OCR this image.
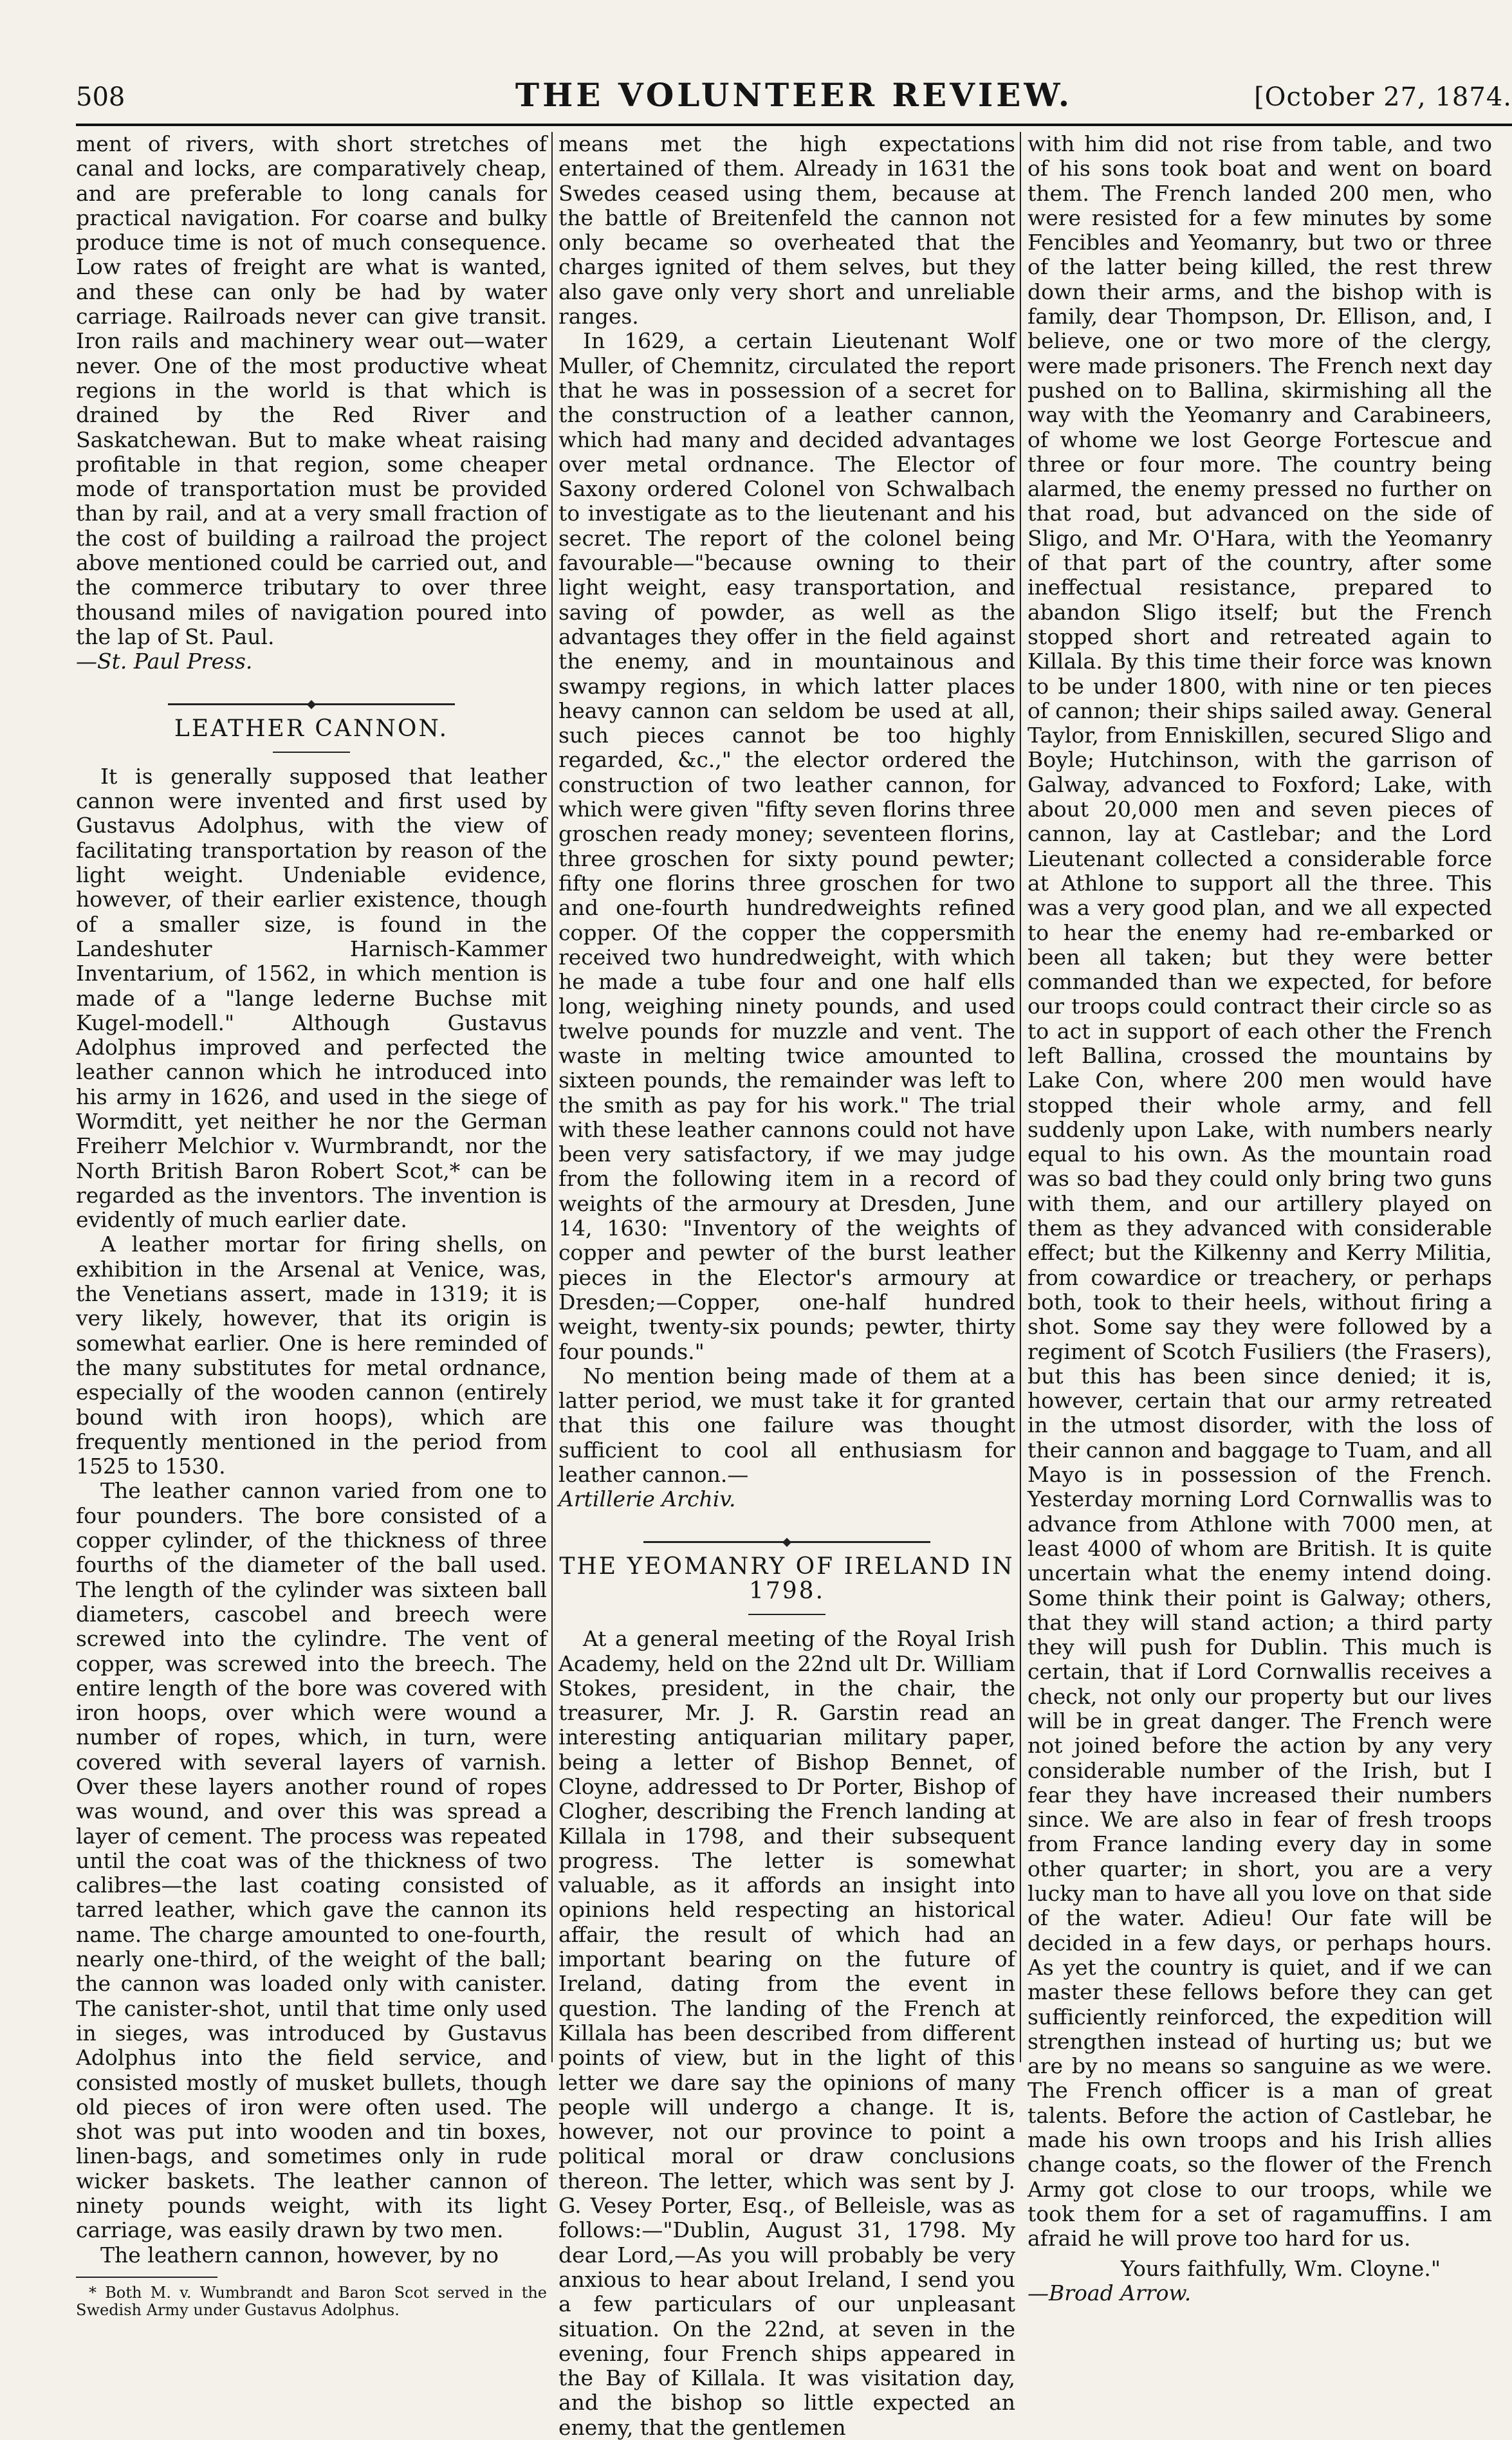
508	THE VOLUNTEER REVIEW.	[October 27, 1874.

ment of rivers, with short stretches of canal and locks, are comparatively cheap, and are preferable to long canals for practical navigation. For coarse and bulky produce time is not of much consequence. Low rates of freight are what is wanted, and these can only be had by water carriage. Railroads never can give transit. Iron rails and machinery wear out—water never. One of the most productive wheat regions in the world is that which is drained by the Red River and Saskatchewan. But to make wheat raising profitable in that region, some cheaper mode of transportation must be provided than by rail, and at a very small fraction of the cost of building a railroad the project above mentioned could be carried out, and the commerce tributary to over three thousand miles of navigation poured into the lap of St. Paul.

—St. Paul Press.

LEATHER CANNON.

It is generally supposed that leather cannon were invented and first used by Gustavus Adolphus, with the view of facilitating transportation by reason of the light weight. Undeniable evidence, however, of their earlier existence, though of a smaller size, is found in the Landeshuter Harnisch-Kammer Inventarium, of 1562, in which mention is made of a "lange lederne Buchse mit Kugel-modell." Although Gustavus Adolphus improved and perfected the leather cannon which he introduced into his army in 1626, and used in the siege of Wormditt, yet neither he nor the German Freiherr Melchior v. Wurmbrandt, nor the North British Baron Robert Scot,* can be regarded as the inventors. The invention is evidently of much earlier date.

A leather mortar for firing shells, on exhibition in the Arsenal at Venice, was, the Venetians assert, made in 1319; it is very likely, however, that its origin is somewhat earlier. One is here reminded of the many substitutes for metal ordnance, especially of the wooden cannon (entirely bound with iron hoops), which are frequently mentioned in the period from 1525 to 1530.

The leather cannon varied from one to four pounders. The bore consisted of a copper cylinder, of the thickness of three fourths of the diameter of the ball used. The length of the cylinder was sixteen ball diameters, cascobel and breech were screwed into the cylindre. The vent of copper, was screwed into the breech. The entire length of the bore was covered with iron hoops, over which were wound a number of ropes, which, in turn, were covered with several layers of varnish. Over these layers another round of ropes was wound, and over this was spread a layer of cement. The process was repeated until the coat was of the thickness of two calibres—the last coating consisted of tarred leather, which gave the cannon its name. The charge amounted to one-fourth, nearly one-third, of the weight of the ball; the cannon was loaded only with canister. The canister-shot, until that time only used in sieges, was introduced by Gustavus Adolphus into the field service, and consisted mostly of musket bullets, though old pieces of iron were often used. The shot was put into wooden and tin boxes, linen-bags, and sometimes only in rude wicker baskets. The leather cannon of ninety pounds weight, with its light carriage, was easily drawn by two men.

The leathern cannon, however, by no

* Both M. v. Wumbrandt and Baron Scot served in the Swedish Army under Gustavus Adolphus.

means met the high expectations entertained of them. Already in 1631 the Swedes ceased using them, because at the battle of Breitenfeld the cannon not only became so overheated that the charges ignited of them selves, but they also gave only very short and unreliable ranges.

In 1629, a certain Lieutenant Wolf Muller, of Chemnitz, circulated the report that he was in possession of a secret for the construction of a leather cannon, which had many and decided advantages over metal ordnance. The Elector of Saxony ordered Colonel von Schwalbach to investigate as to the lieutenant and his secret. The report of the colonel being favourable—"because owning to their light weight, easy transportation, and saving of powder, as well as the advantages they offer in the field against the enemy, and in mountainous and swampy regions, in which latter places heavy cannon can seldom be used at all, such pieces cannot be too highly regarded, &c.," the elector ordered the construction of two leather cannon, for which were given "fifty seven florins three groschen ready money; seventeen florins, three groschen for sixty pound pewter; fifty one florins three groschen for two and one-fourth hundredweights refined copper. Of the copper the coppersmith received two hundredweight, with which he made a tube four and one half ells long, weighing ninety pounds, and used twelve pounds for muzzle and vent. The waste in melting twice amounted to sixteen pounds, the remainder was left to the smith as pay for his work." The trial with these leather cannons could not have been very satisfactory, if we may judge from the following item in a record of weights of the armoury at Dresden, June 14, 1630: "Inventory of the weights of copper and pewter of the burst leather pieces in the Elector's armoury at Dresden;—Copper, one-half hundred weight, twenty-six pounds; pewter, thirty four pounds."

No mention being made of them at a latter period, we must take it for granted that this one failure was thought sufficient to cool all enthusiasm for leather cannon.—

Artillerie Archiv.

THE YEOMANRY OF IRELAND IN 1798.

At a general meeting of the Royal Irish Academy, held on the 22nd ult Dr. William Stokes, president, in the chair, the treasurer, Mr. J. R. Garstin read an interesting antiquarian military paper, being a letter of Bishop Bennet, of Cloyne, addressed to Dr Porter, Bishop of Clogher, describing the French landing at Killala in 1798, and their subsequent progress. The letter is somewhat valuable, as it affords an insight into opinions held respecting an historical affair, the result of which had an important bearing on the future of Ireland, dating from the event in question. The landing of the French at Killala has been described from different points of view, but in the light of this letter we dare say the opinions of many people will undergo a change. It is, however, not our province to point a political moral or draw conclusions thereon. The letter, which was sent by J. G. Vesey Porter, Esq., of Belleisle, was as follows:—"Dublin, August 31, 1798. My dear Lord,—As you will probably be very anxious to hear about Ireland, I send you a few particulars of our unpleasant situation. On the 22nd, at seven in the evening, four French ships appeared in the Bay of Killala. It was visitation day, and the bishop so little expected an enemy, that the gentlemen

with him did not rise from table, and two of his sons took boat and went on board them. The French landed 200 men, who were resisted for a few minutes by some Fencibles and Yeomanry, but two or three of the latter being killed, the rest threw down their arms, and the bishop with is family, dear Thompson, Dr. Ellison, and, I believe, one or two more of the clergy, were made prisoners. The French next day pushed on to Ballina, skirmishing all the way with the Yeomanry and Carabineers, of whome we lost George Fortescue and three or four more. The country being alarmed, the enemy pressed no further on that road, but advanced on the side of Sligo, and Mr. O'Hara, with the Yeomanry of that part of the country, after some ineffectual resistance, prepared to abandon Sligo itself; but the French stopped short and retreated again to Killala. By this time their force was known to be under 1800, with nine or ten pieces of cannon; their ships sailed away. General Taylor, from Enniskillen, secured Sligo and Boyle; Hutchinson, with the garrison of Galway, advanced to Foxford; Lake, with about 20,000 men and seven pieces of cannon, lay at Castlebar; and the Lord Lieutenant collected a considerable force at Athlone to support all the three. This was a very good plan, and we all expected to hear the enemy had re-embarked or been all taken; but they were better commanded than we expected, for before our troops could contract their circle so as to act in support of each other the French left Ballina, crossed the mountains by Lake Con, where 200 men would have stopped their whole army, and fell suddenly upon Lake, with numbers nearly equal to his own. As the mountain road was so bad they could only bring two guns with them, and our artillery played on them as they advanced with considerable effect; but the Kilkenny and Kerry Militia, from cowardice or treachery, or perhaps both, took to their heels, without firing a shot. Some say they were followed by a regiment of Scotch Fusiliers (the Frasers), but this has been since denied; it is, however, certain that our army retreated in the utmost disorder, with the loss of their cannon and baggage to Tuam, and all Mayo is in possession of the French. Yesterday morning Lord Cornwallis was to advance from Athlone with 7000 men, at least 4000 of whom are British. It is quite uncertain what the enemy intend doing. Some think their point is Galway; others, that they will stand action; a third party they will push for Dublin. This much is certain, that if Lord Cornwallis receives a check, not only our property but our lives will be in great danger. The French were not joined before the action by any very considerable number of the Irish, but I fear they have increased their numbers since. We are also in fear of fresh troops from France landing every day in some other quarter; in short, you are a very lucky man to have all you love on that side of the water. Adieu! Our fate will be decided in a few days, or perhaps hours. As yet the country is quiet, and if we can master these fellows before they can get sufficiently reinforced, the expedition will strengthen instead of hurting us; but we are by no means so sanguine as we were. The French officer is a man of great talents. Before the action of Castlebar, he made his own troops and his Irish allies change coats, so the flower of the French Army got close to our troops, while we took them for a set of ragamuffins. I am afraid he will prove too hard for us.

Yours faithfully, Wm. Cloyne."

—Broad Arrow.
